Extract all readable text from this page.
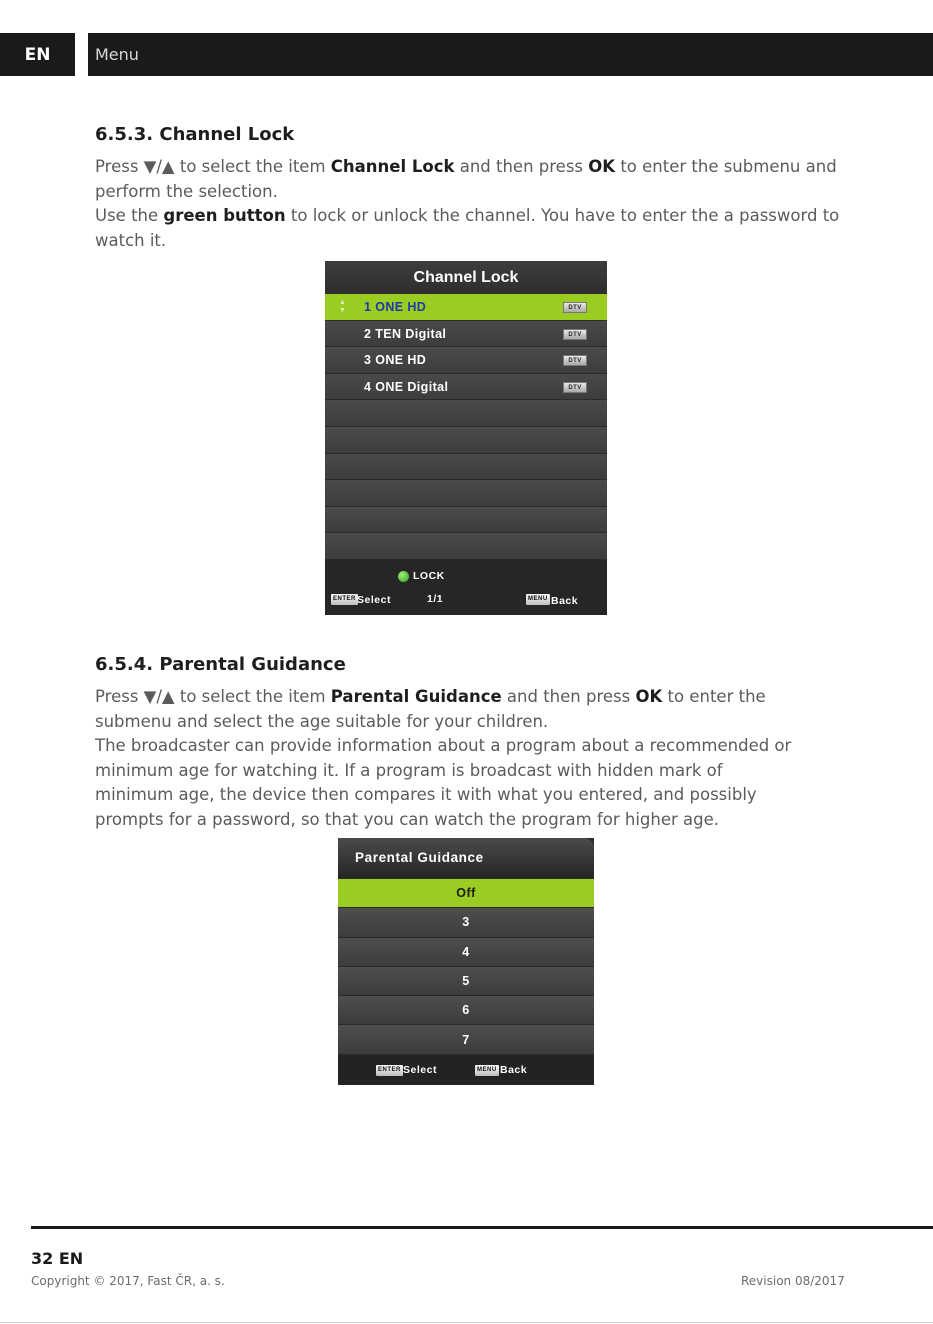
EN	Menu
6.5.3. Channel Lock

Press ▼/▲ to select the item Channel Lock and then press OK to enter the submenu and perform the selection.

Use the green button to lock or unlock the channel. You have to enter the a password to watch it.

Channel Lock
▲
▼ 1 ONE HD	DTV
2 TEN Digital	DTV
3 ONE HD	DTV
4 ONE Digital	DTV
LOCK
ENTER Select	1/1	MENU Back
6.5.4. Parental Guidance

Press ▼/▲ to select the item Parental Guidance and then press OK to enter the submenu and select the age suitable for your children.

The broadcaster can provide information about a program about a recommended or minimum age for watching it. If a program is broadcast with hidden mark of minimum age, the device then compares it with what you entered, and possibly prompts for a password, so that you can watch the program for higher age.

Parental Guidance
Off
3
4
5
6
7
ENTER Select	MENU Back
32 EN
Copyright © 2017, Fast ČR, a. s.	Revision 08/2017
